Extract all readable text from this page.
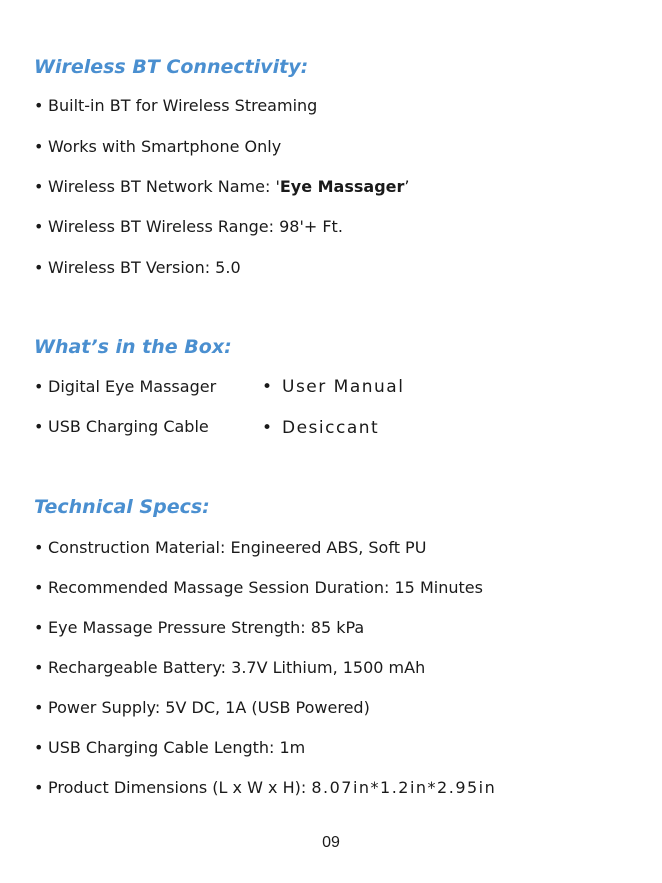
Wireless BT Connectivity:
• Built-in BT for Wireless Streaming
• Works with Smartphone Only
• Wireless BT Network Name: 'Eye Massager’
• Wireless BT Wireless Range: 98'+ Ft.
• Wireless BT Version: 5.0
What’s in the Box:
• Digital Eye Massager
• USB Charging Cable
• User Manual
• Desiccant
Technical Specs:
• Construction Material: Engineered ABS, Soft PU
• Recommended Massage Session Duration: 15 Minutes
• Eye Massage Pressure Strength: 85 kPa
• Rechargeable Battery: 3.7V Lithium, 1500 mAh
• Power Supply: 5V DC, 1A (USB Powered)
• USB Charging Cable Length: 1m
• Product Dimensions (L x W x H): 8.07in*1.2in*2.95in
09
